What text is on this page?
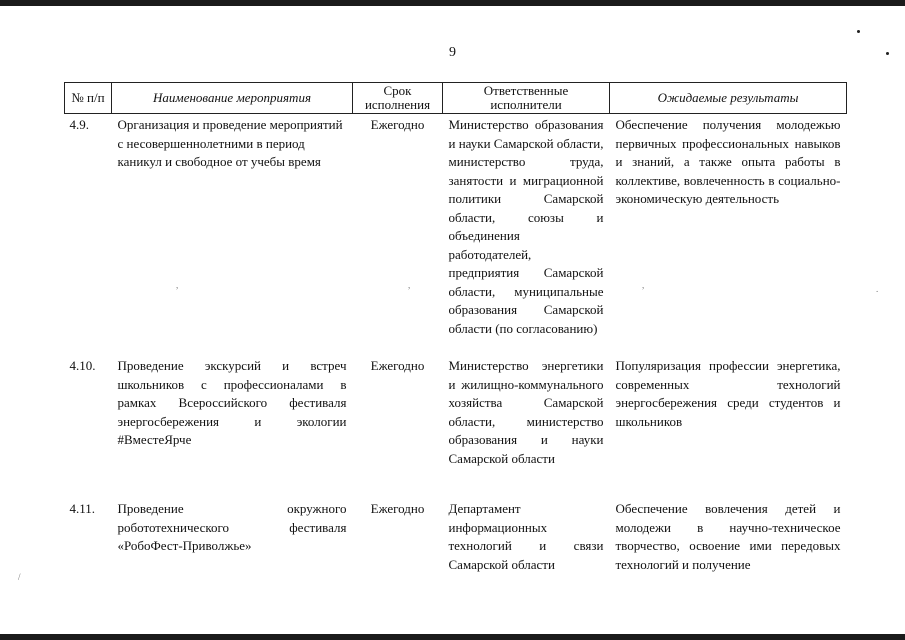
,	,	,	.
/
9
№ п/п	Наименование мероприятия	Срок исполнения	Ответственные исполнители	Ожидаемые результаты
4.9.	Организация и проведение мероприятий с несовершеннолетними в период каникул и свободное от учебы время	Ежегодно	Министерство образования и науки Самарской области, министерство труда, занятости и миграционной политики Самарской области, союзы и объединения работодателей, предприятия Самарской области, муниципальные образования Самарской области (по согласованию)	Обеспечение получения молодежью первичных профессиональных навыков и знаний, а также опыта работы в коллективе, вовлеченность в социально-экономическую деятельность
4.10.	Проведение экскурсий и встреч школьников с профессионалами в рамках Всероссийского фестиваля энергосбережения и экологии #ВместеЯрче	Ежегодно	Министерство энергетики и жилищно-коммунального хозяйства Самарской области, министерство образования и науки Самарской области	Популяризация профессии энергетика, современных технологий энергосбережения среди студентов и школьников
4.11.	Проведение окружного робототехнического фестиваля «РобоФест-Приволжье»	Ежегодно	Департамент информационных технологий и связи Самарской области	Обеспечение вовлечения детей и молодежи в научно-техническое творчество, освоение ими передовых технологий и получение
